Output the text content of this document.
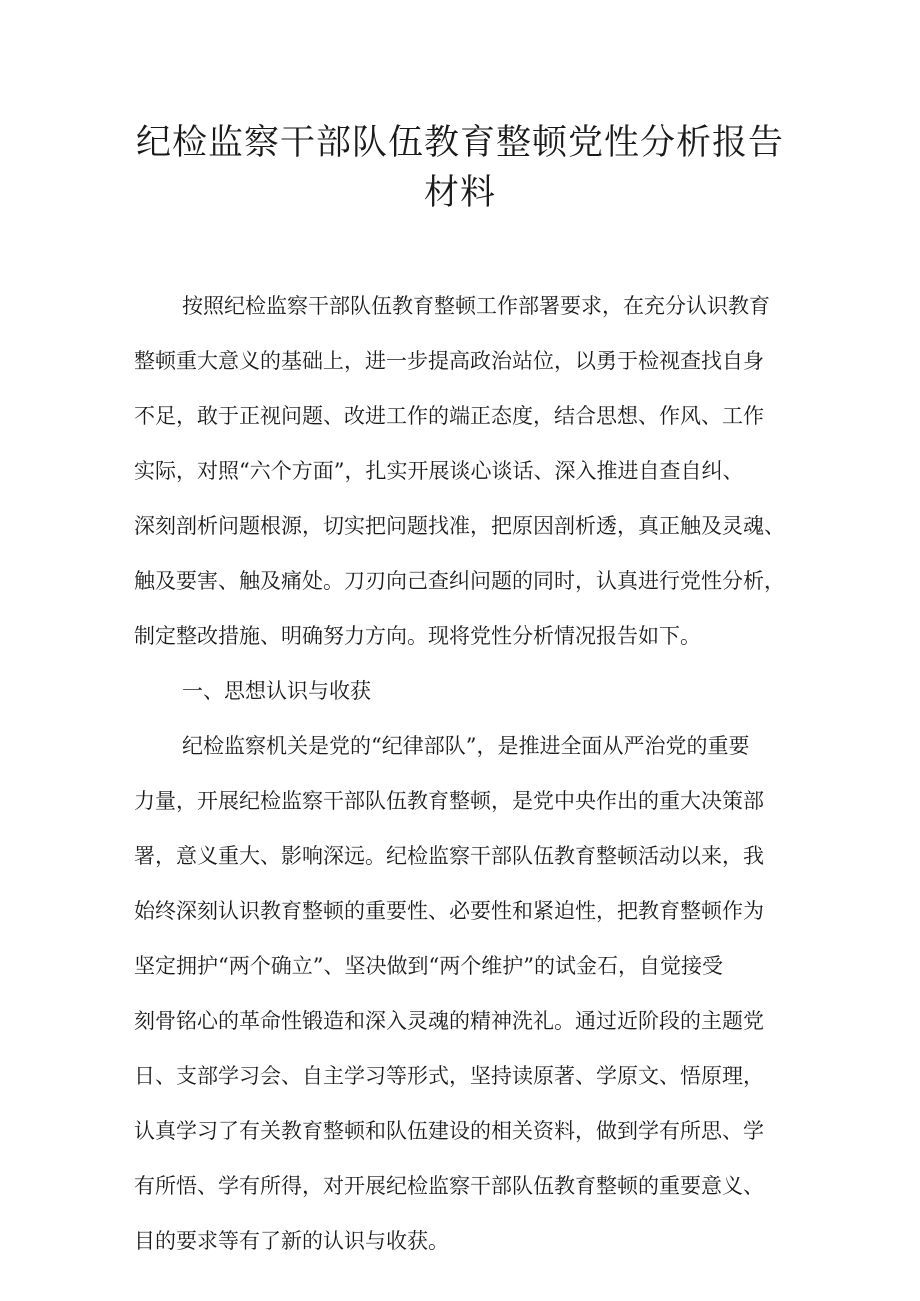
纪检监察干部队伍教育整顿党性分析报告
材料
按照纪检监察干部队伍教育整顿工作部署要求，在充分认识教育
整顿重大意义的基础上，进一步提高政治站位，以勇于检视查找自身
不足，敢于正视问题、改进工作的端正态度，结合思想、作风、工作
实际，对照“六个方面”，扎实开展谈心谈话、深入推进自查自纠、
深刻剖析问题根源，切实把问题找准，把原因剖析透，真正触及灵魂、
触及要害、触及痛处。刀刃向己查纠问题的同时，认真进行党性分析，
制定整改措施、明确努力方向。现将党性分析情况报告如下。
一、思想认识与收获
纪检监察机关是党的“纪律部队”，是推进全面从严治党的重要
力量，开展纪检监察干部队伍教育整顿，是党中央作出的重大决策部
署，意义重大、影响深远。纪检监察干部队伍教育整顿活动以来，我
始终深刻认识教育整顿的重要性、必要性和紧迫性，把教育整顿作为
坚定拥护“两个确立”、坚决做到“两个维护”的试金石，自觉接受
刻骨铭心的革命性锻造和深入灵魂的精神洗礼。通过近阶段的主题党
日、支部学习会、自主学习等形式，坚持读原著、学原文、悟原理，
认真学习了有关教育整顿和队伍建设的相关资料，做到学有所思、学
有所悟、学有所得，对开展纪检监察干部队伍教育整顿的重要意义、
目的要求等有了新的认识与收获。
